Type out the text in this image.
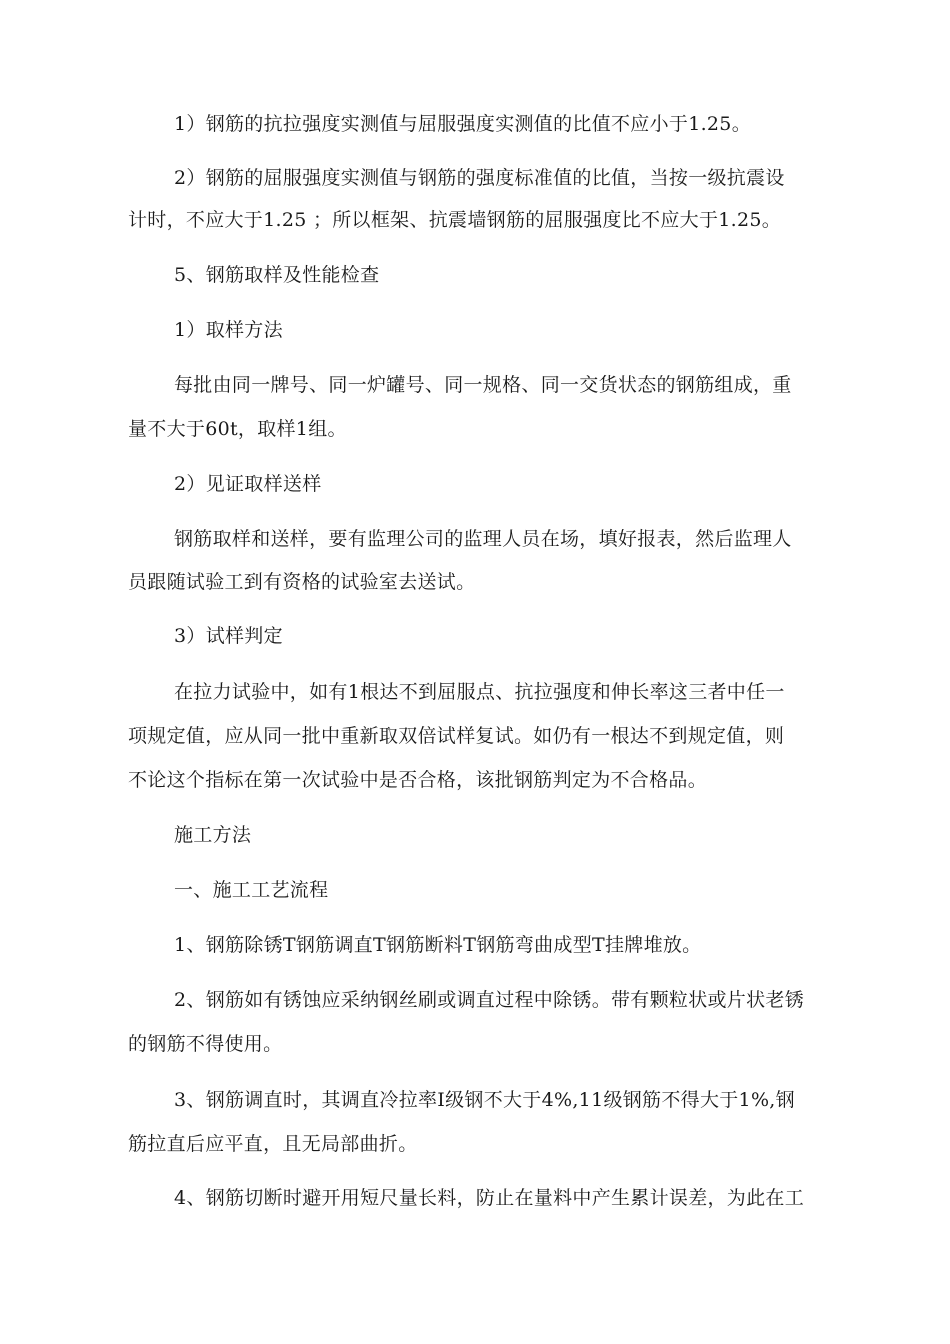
1）钢筋的抗拉强度实测值与屈服强度实测值的比值不应小于1.25。
2）钢筋的屈服强度实测值与钢筋的强度标准值的比值，当按一级抗震设
计时，不应大于1.25 ；所以框架、抗震墙钢筋的屈服强度比不应大于1.25。
5、钢筋取样及性能检查
1）取样方法
每批由同一牌号、同一炉罐号、同一规格、同一交货状态的钢筋组成，重
量不大于60t，取样1组。
2）见证取样送样
钢筋取样和送样，要有监理公司的监理人员在场，填好报表，然后监理人
员跟随试验工到有资格的试验室去送试。
3）试样判定
在拉力试验中，如有1根达不到屈服点、抗拉强度和伸长率这三者中任一
项规定值，应从同一批中重新取双倍试样复试。如仍有一根达不到规定值，则
不论这个指标在第一次试验中是否合格，该批钢筋判定为不合格品。
施工方法
一、施工工艺流程
1、钢筋除锈T钢筋调直T钢筋断料T钢筋弯曲成型T挂牌堆放。
2、钢筋如有锈蚀应采纳钢丝刷或调直过程中除锈。带有颗粒状或片状老锈
的钢筋不得使用。
3、钢筋调直时，其调直冷拉率I级钢不大于4%,11级钢筋不得大于1%,钢
筋拉直后应平直，且无局部曲折。
4、钢筋切断时避开用短尺量长料，防止在量料中产生累计误差，为此在工
